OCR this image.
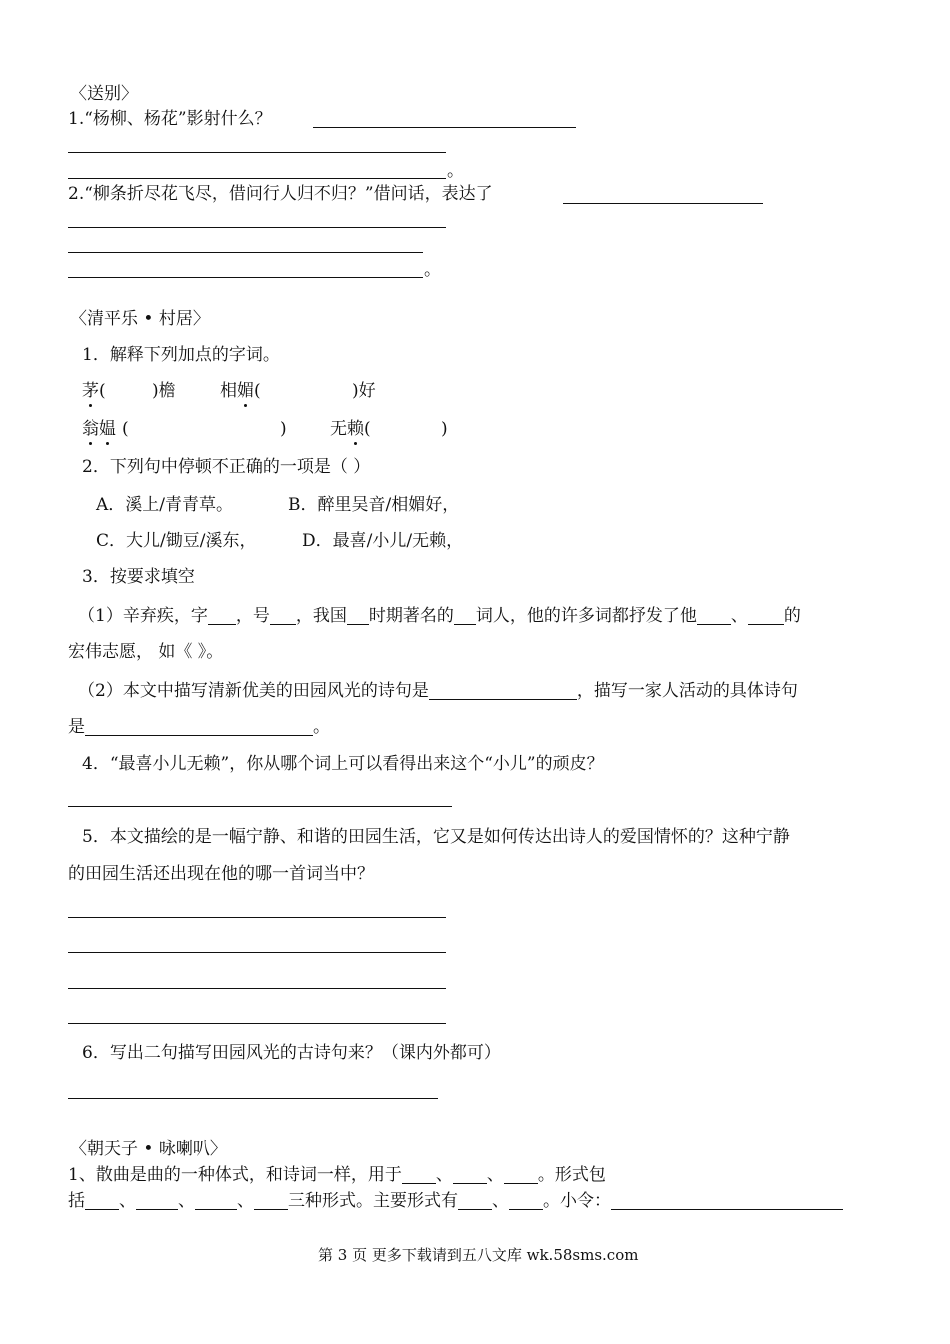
〈送别〉
1.“杨柳、杨花”影射什么？
。
2.“柳条折尽花飞尽，借问行人归不归？”借问话，表达了
。
〈清平乐 • 村居〉
1．解释下列加点的字词。
茅(	)檐	相媚(	)好
翁媪 (	)	无赖(	)
2．下列句中停顿不正确的一项是（ ）
A．溪上/青青草。	B．醉里吴音/相媚好，
C．大儿/锄豆/溪东，	D．最喜/小儿/无赖，
3．按要求填空
（1）辛弃疾，字 ，号 ，我国 时期著名的 词人，他的许多词都抒发了他 、 的
宏伟志愿， 如《 》。
（2）本文中描写清新优美的田园风光的诗句是	，描写一家人活动的具体诗句
是	。
4．“最喜小儿无赖”，你从哪个词上可以看得出来这个“小儿”的顽皮？
5．本文描绘的是一幅宁静、和谐的田园生活，它又是如何传达出诗人的爱国情怀的？这种宁静
的田园生活还出现在他的哪一首词当中？
6．写出二句描写田园风光的古诗句来？（课内外都可）
〈朝天子 • 咏喇叭〉
1、散曲是曲的一种体式，和诗词一样，用于 、 、 。形式包
括 、 、 、 三种形式。主要形式有 、 。小令：
第 3 页 更多下载请到五八文库 wk.58sms.com
